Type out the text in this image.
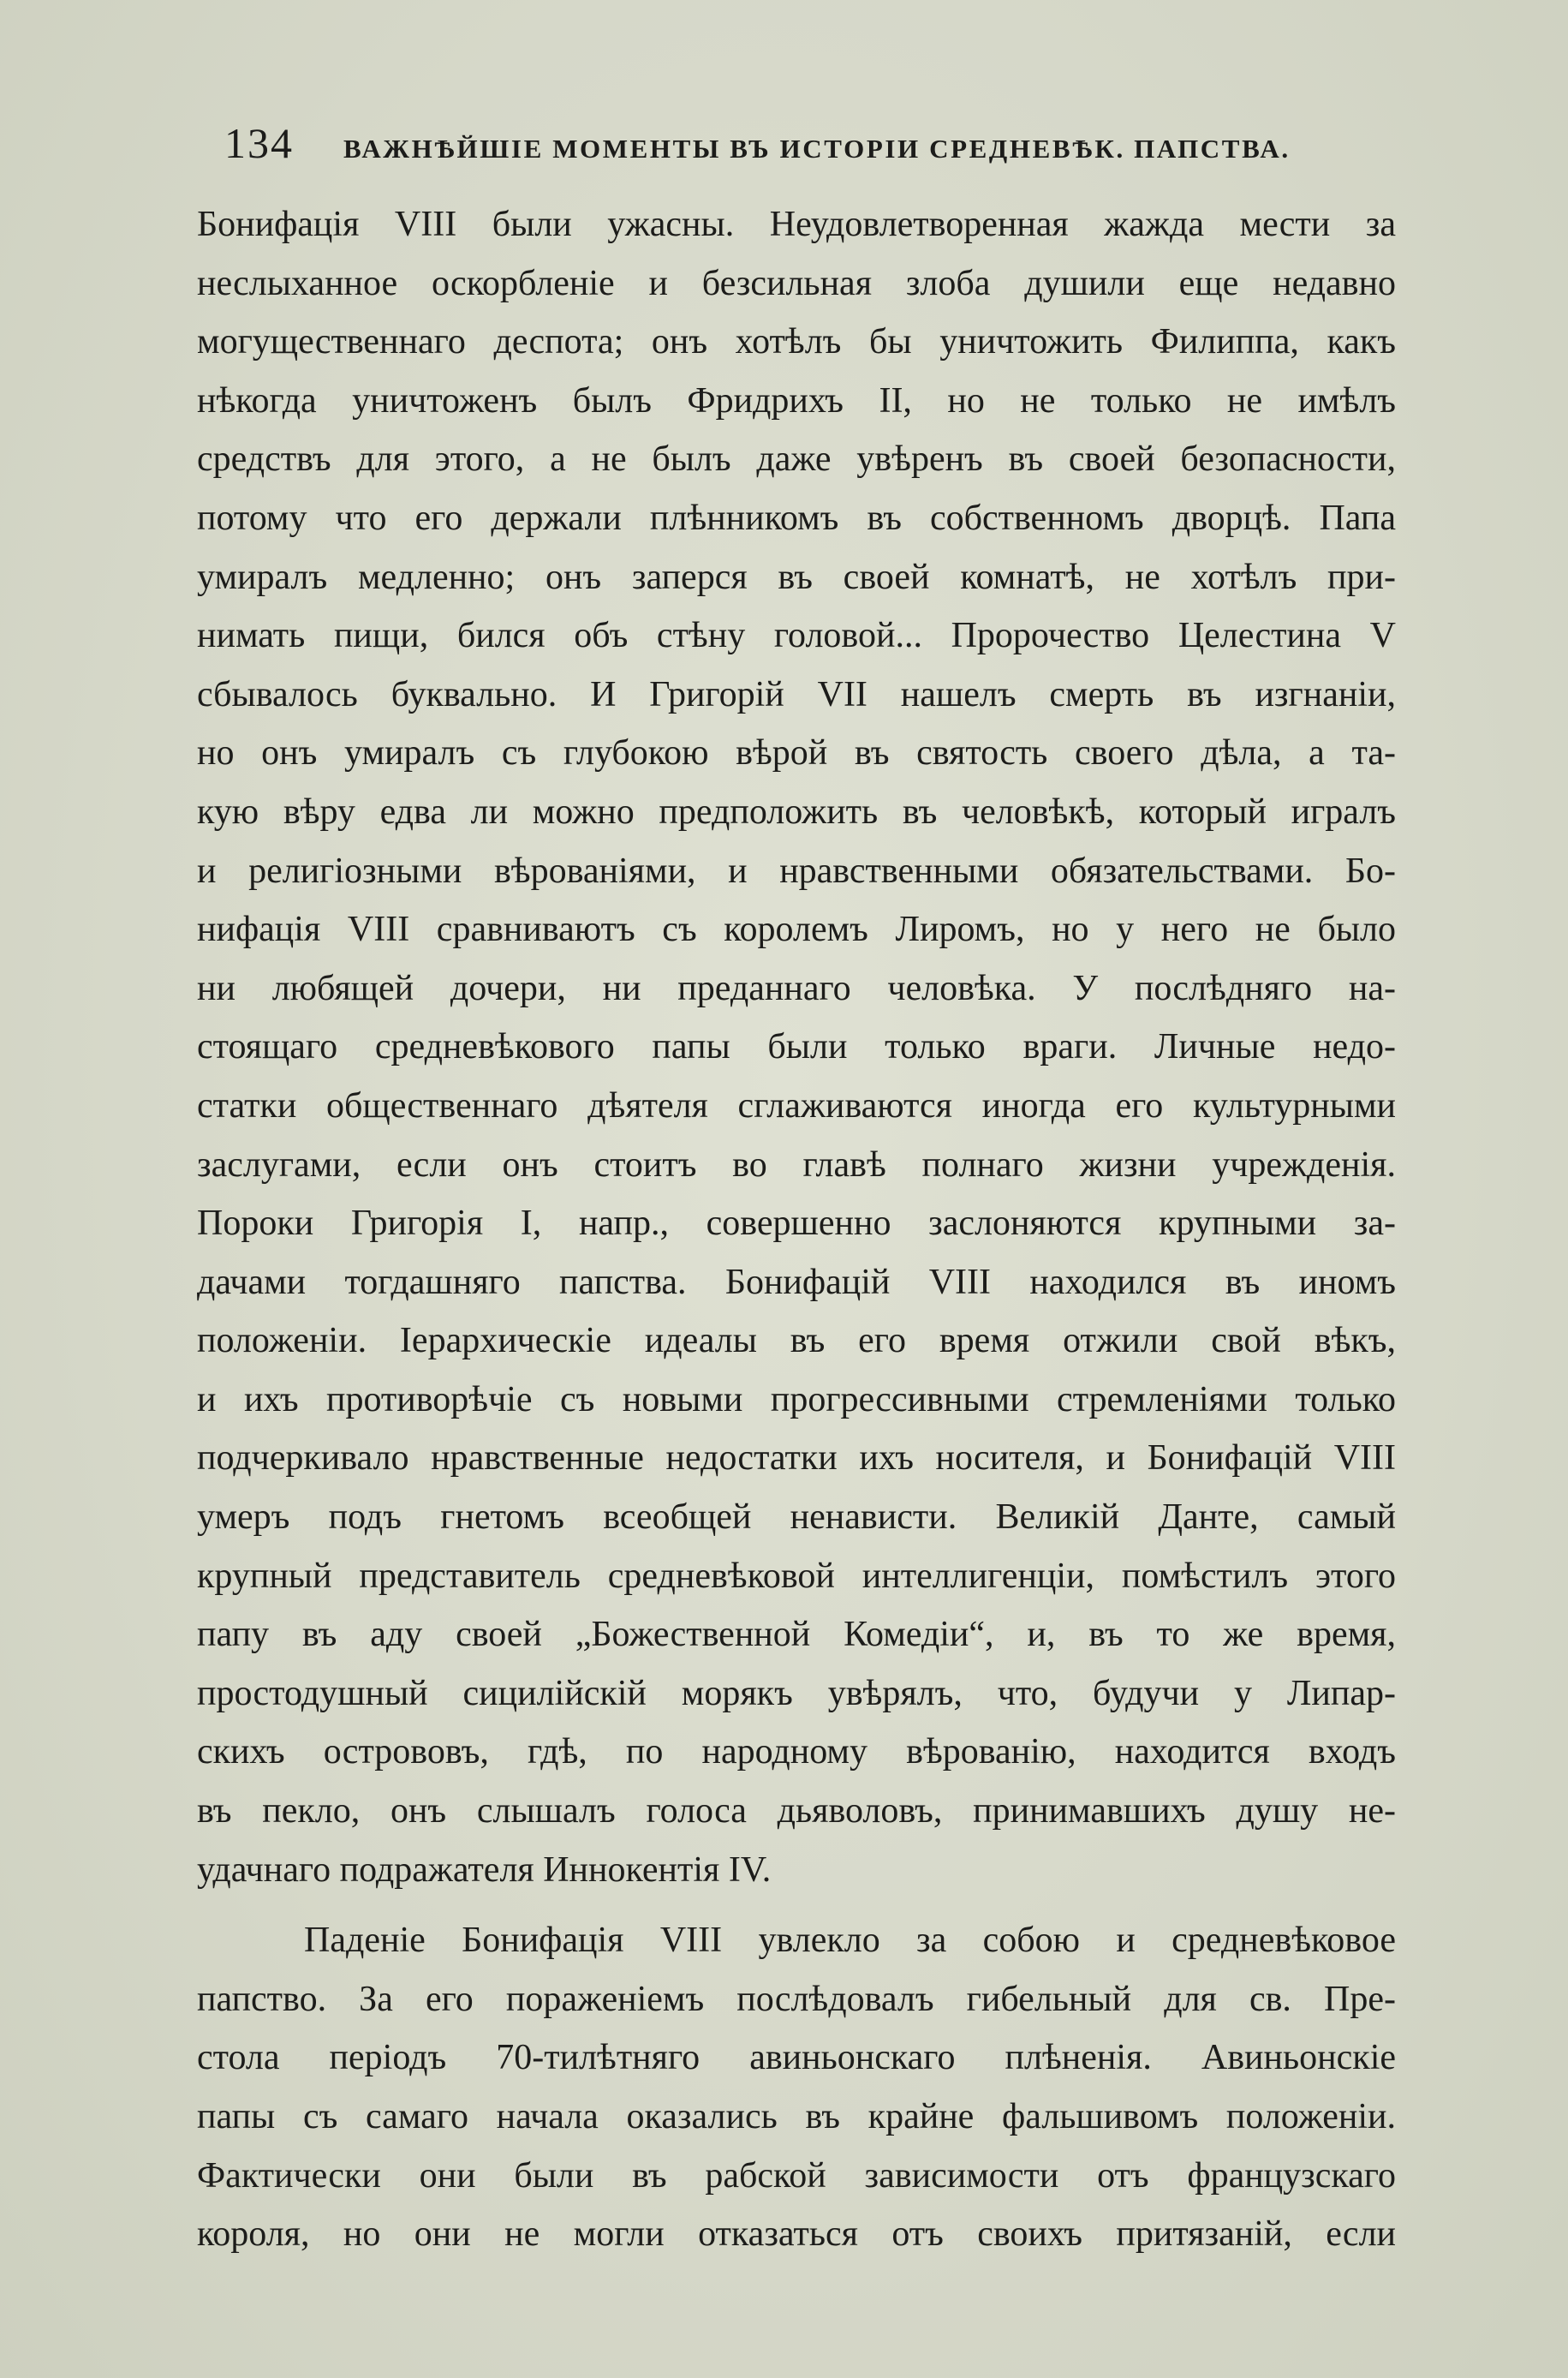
134 ВАЖНѢЙШІЕ МОМЕНТЫ ВЪ ИСТОРІИ СРЕДНЕВѢК. ПАПСТВА.
Бонифація VIII были ужасны. Неудовлетворенная жажда мести за
неслыханное оскорбленіе и безсильная злоба душили еще недавно
могущественнаго деспота; онъ хотѣлъ бы уничтожить Филиппа, какъ
нѣкогда уничтоженъ былъ Фридрихъ II, но не только не имѣлъ
средствъ для этого, а не былъ даже увѣренъ въ своей безопасности,
потому что его держали плѣнникомъ въ собственномъ дворцѣ. Папа
умиралъ медленно; онъ заперся въ своей комнатѣ, не хотѣлъ при-
нимать пищи, бился объ стѣну головой... Пророчество Целестина V
сбывалось буквально. И Григорій VII нашелъ смерть въ изгнаніи,
но онъ умиралъ съ глубокою вѣрой въ святость своего дѣла, а та-
кую вѣру едва ли можно предположить въ человѣкѣ, который игралъ
и религіозными вѣрованіями, и нравственными обязательствами. Бо-
нифація VIII сравниваютъ съ королемъ Лиромъ, но у него не было
ни любящей дочери, ни преданнаго человѣка. У послѣдняго на-
стоящаго средневѣкового папы были только враги. Личные недо-
статки общественнаго дѣятеля сглаживаются иногда его культурными
заслугами, если онъ стоитъ во главѣ полнаго жизни учрежденія.
Пороки Григорія I, напр., совершенно заслоняются крупными за-
дачами тогдашняго папства. Бонифацій VIII находился въ иномъ
положеніи. Іерархическіе идеалы въ его время отжили свой вѣкъ,
и ихъ противорѣчіе съ новыми прогрессивными стремленіями только
подчеркивало нравственные недостатки ихъ носителя, и Бонифацій VIII
умеръ подъ гнетомъ всеобщей ненависти. Великій Данте, самый
крупный представитель средневѣковой интеллигенціи, помѣстилъ этого
папу въ аду своей „Божественной Комедіи“, и, въ то же время,
простодушный сицилійскій морякъ увѣрялъ, что, будучи у Липар-
скихъ острововъ, гдѣ, по народному вѣрованію, находится входъ
въ пекло, онъ слышалъ голоса дьяволовъ, принимавшихъ душу не-
удачнаго подражателя Иннокентія IV.
Паденіе Бонифація VIII увлекло за собою и средневѣковое
папство. За его пораженіемъ послѣдовалъ гибельный для св. Пре-
стола періодъ 70-тилѣтняго авиньонскаго плѣненія. Авиньонскіе
папы съ самаго начала оказались въ крайне фальшивомъ положеніи.
Фактически они были въ рабской зависимости отъ французскаго
короля, но они не могли отказаться отъ своихъ притязаній, если
